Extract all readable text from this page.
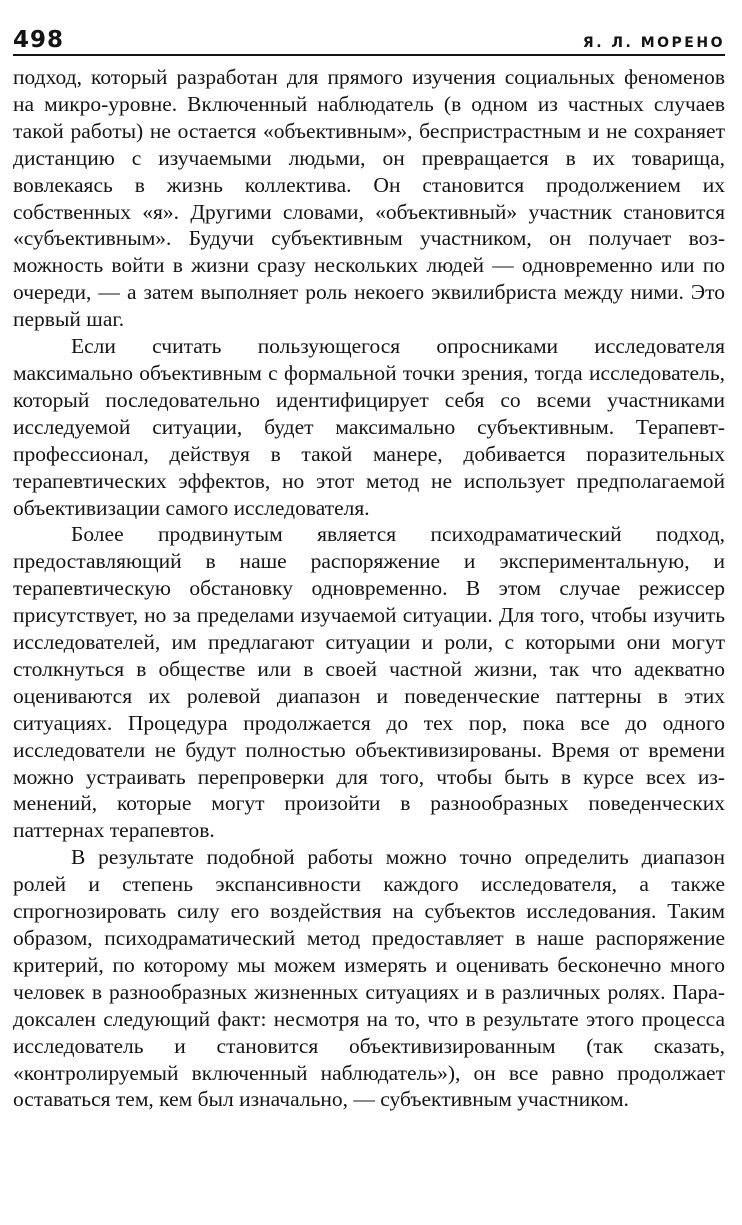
498	Я. Л. МОРЕНО

подход, который разработан для прямого изучения социальных феноменов на микро-уровне. Включенный наблюдатель (в одном из частных случаев такой работы) не остается «объективным», беспристрастным и не сохраняет дистанцию с изучаемыми людьми, он превращается в их товарища, вовлекаясь в жизнь коллектива. Он становится продолжением их собственных «я». Другими словами, «объективный» участник становится «субъективным». Будучи субъективным участником, он получает возможность войти в жизни сразу нескольких людей — одновременно или по очереди, — а затем выполняет роль некоего эквилибриста между ними. Это первый шаг.

Если считать пользующегося опросниками исследователя максимально объективным с формальной точки зрения, тогда исследователь, который последовательно идентифицирует себя со всеми участниками исследуемой ситуации, будет максимально субъективным. Терапевт-профессионал, действуя в такой манере, добивается поразительных терапевтических эффектов, но этот метод не использует предполагаемой объективизации самого исследователя.

Более продвинутым является психодраматический подход, предоставляющий в наше распоряжение и экспериментальную, и терапевтическую обстановку одновременно. В этом случае режиссер присутствует, но за пределами изучаемой ситуации. Для того, чтобы изучить исследователей, им предлагают ситуации и роли, с которыми они могут столкнуться в обществе или в своей частной жизни, так что адекватно оцениваются их ролевой диапазон и поведенческие паттерны в этих ситуациях. Процедура продолжается до тех пор, пока все до одного исследователи не будут полностью объективизированы. Время от времени можно устраивать перепроверки для того, чтобы быть в курсе всех изменений, которые могут произойти в разнообразных поведенческих паттернах терапевтов.

В результате подобной работы можно точно определить диапазон ролей и степень экспансивности каждого исследователя, а также спрогнозировать силу его воздействия на субъектов исследования. Таким образом, психодраматический метод предоставляет в наше распоряжение критерий, по которому мы можем измерять и оценивать бесконечно много человек в разнообразных жизненных ситуациях и в различных ролях. Парадоксален следующий факт: несмотря на то, что в результате этого процесса исследователь и становится объективизированным (так сказать, «контролируемый включенный наблюдатель»), он все равно продолжает оставаться тем, кем был изначально, — субъективным участником.
